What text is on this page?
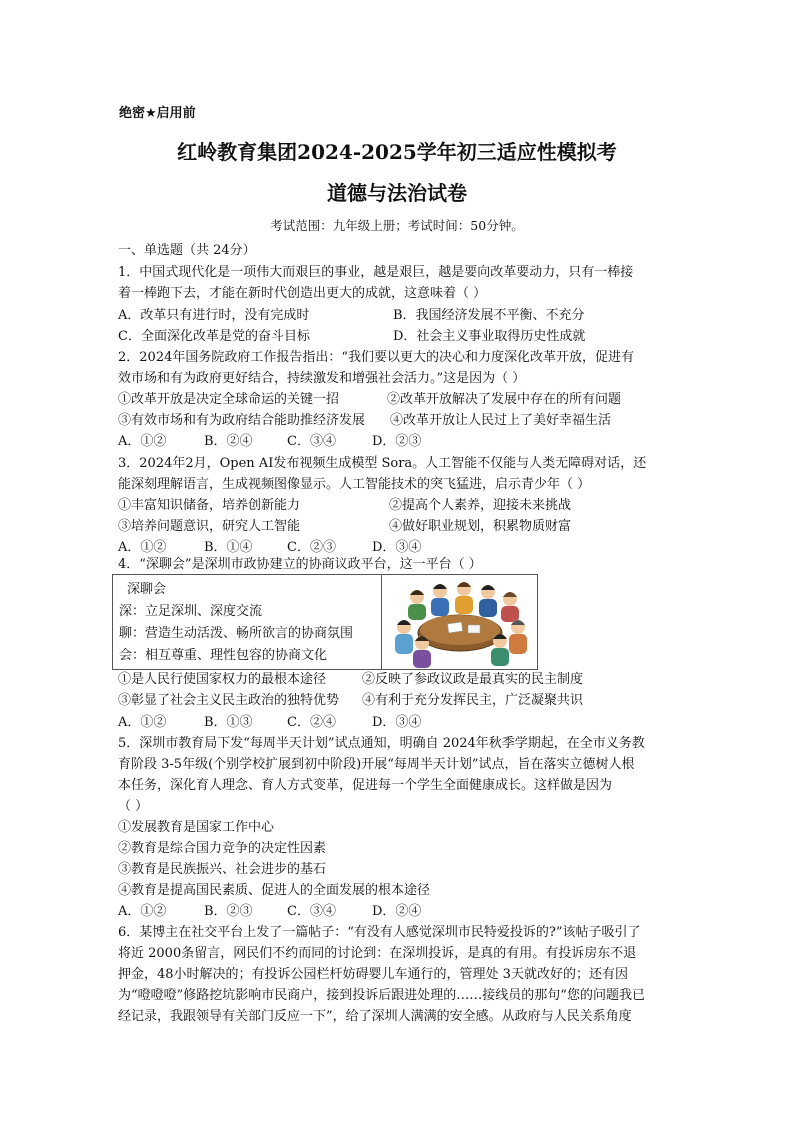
绝密★启用前
红岭教育集团2024-2025学年初三适应性模拟考
道德与法治试卷
考试范围：九年级上册；考试时间：50分钟。
一、单选题（共 24分）
1．中国式现代化是一项伟大而艰巨的事业，越是艰巨，越是要向改革要动力，只有一棒接
着一棒跑下去，才能在新时代创造出更大的成就，这意味着（ ）
A．改革只有进行时，没有完成时	B．我国经济发展不平衡、不充分
C．全面深化改革是党的奋斗目标	D．社会主义事业取得历史性成就
2．2024年国务院政府工作报告指出：“我们要以更大的决心和力度深化改革开放，促进有
效市场和有为政府更好结合，持续激发和增强社会活力。”这是因为（ ）
①改革开放是决定全球命运的关键一招	②改革开放解决了发展中存在的所有问题
③有效市场和有为政府结合能助推经济发展 ④改革开放让人民过上了美好幸福生活
A．①②	B．②④	C．③④	D．②③
3．2024年2月，Open AI发布视频生成模型 Sora。人工智能不仅能与人类无障碍对话，还
能深刻理解语言，生成视频图像显示。人工智能技术的突飞猛进，启示青少年（ ）
①丰富知识储备，培养创新能力	②提高个人素养，迎接未来挑战
③培养问题意识，研究人工智能	④做好职业规划，积累物质财富
A．①②	B．①④	C．②③	D．③④
4．“深聊会”是深圳市政协建立的协商议政平台，这一平台（ ）
深聊会
深：立足深圳、深度交流
聊：营造生动活泼、畅所欲言的协商氛围
会：相互尊重、理性包容的协商文化
①是人民行使国家权力的最根本途径	②反映了参政议政是最真实的民主制度
③彰显了社会主义民主政治的独特优势 ④有利于充分发挥民主，广泛凝聚共识
A．①②	B．①③	C．②④	D．③④
5．深圳市教育局下发“每周半天计划”试点通知，明确自 2024年秋季学期起，在全市义务教
育阶段 3-5年级(个别学校扩展到初中阶段)开展“每周半天计划”试点，旨在落实立德树人根
本任务，深化育人理念、育人方式变革，促进每一个学生全面健康成长。这样做是因为
（ ）
①发展教育是国家工作中心
②教育是综合国力竞争的决定性因素
③教育是民族振兴、社会进步的基石
④教育是提高国民素质、促进人的全面发展的根本途径
A．①②	B．②③	C．③④	D．②④
6．某博主在社交平台上发了一篇帖子：“有没有人感觉深圳市民特爱投诉的?”该帖子吸引了
将近 2000条留言，网民们不约而同的讨论到：在深圳投诉，是真的有用。有投诉房东不退
押金，48小时解决的；有投诉公园栏杆妨碍婴儿车通行的，管理处 3天就改好的；还有因
为“噔噔噔”修路挖坑影响市民商户，接到投诉后跟进处理的……接线员的那句“您的问题我已
经记录，我跟领导有关部门反应一下”，给了深圳人满满的安全感。从政府与人民关系角度
